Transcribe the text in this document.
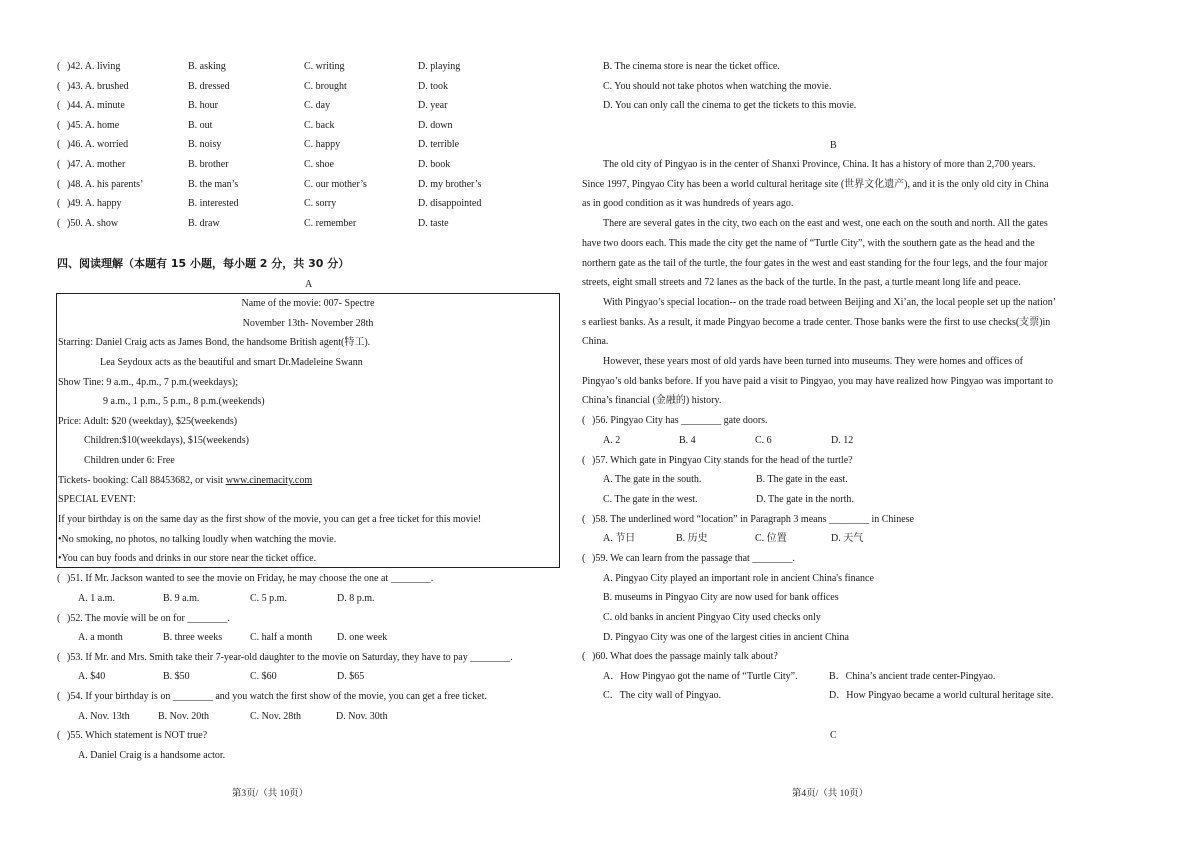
( )42. A. living	B. asking	C. writing	D. playing
( )43. A. brushed	B. dressed	C. brought	D. took
( )44. A. minute	B. hour	C. day	D. year
( )45. A. home	B. out	C. back	D. down
( )46. A. worried	B. noisy	C. happy	D. terrible
( )47. A. mother	B. brother	C. shoe	D. book
( )48. A. his parents’	B. the man’s	C. our mother’s	D. my brother’s
( )49. A. happy	B. interested	C. sorry	D. disappointed
( )50. A. show	B. draw	C. remember	D. taste
四、阅读理解（本题有 15 小题，每小题 2 分，共 30 分）
A
Name of the movie: 007- Spectre
November 13th- November 28th
Starring: Daniel Craig acts as James Bond, the handsome British agent(特工).
Lea Seydoux acts as the beautiful and smart Dr.Madeleine Swann
Show Tine: 9 a.m., 4p.m., 7 p.m.(weekdays);
9 a.m., 1 p.m., 5 p.m., 8 p.m.(weekends)
Price: Adult: $20 (weekday), $25(weekends)
Children:$10(weekdays), $15(weekends)
Children under 6: Free
Tickets- booking: Call 88453682, or visit www.cinemacity.com
SPECIAL EVENT:
If your birthday is on the same day as the first show of the movie, you can get a free ticket for this movie!
•No smoking, no photos, no talking loudly when watching the movie.
•You can buy foods and drinks in our store near the ticket office.
( )51. If Mr. Jackson wanted to see the movie on Friday, he may choose the one at ________.
A. 1 a.m.	B. 9 a.m.	C. 5 p.m.	D. 8 p.m.
( )52. The movie will be on for ________.
A. a month	B. three weeks	C. half a month D. one week
( )53. If Mr. and Mrs. Smith take their 7-year-old daughter to the movie on Saturday, they have to pay ________.
A. $40	B. $50	C. $60	D. $65
( )54. If your birthday is on ________ and you watch the first show of the movie, you can get a free ticket.
A. Nov. 13th	B. Nov. 20th	C. Nov. 28th	D. Nov. 30th
( )55. Which statement is NOT true?
A. Daniel Craig is a handsome actor.
第3页/（共 10页）
B. The cinema store is near the ticket office.
C. You should not take photos when watching the movie.
D. You can only call the cinema to get the tickets to this movie.
B
The old city of Pingyao is in the center of Shanxi Province, China. It has a history of more than 2,700 years.
Since 1997, Pingyao City has been a world cultural heritage site (世界文化遗产), and it is the only old city in China
as in good condition as it was hundreds of years ago.
There are several gates in the city, two each on the east and west, one each on the south and north. All the gates
have two doors each. This made the city get the name of “Turtle City”, with the southern gate as the head and the
northern gate as the tail of the turtle, the four gates in the west and east standing for the four legs, and the four major
streets, eight small streets and 72 lanes as the back of the turtle. In the past, a turtle meant long life and peace.
With Pingyao’s special location-- on the trade road between Beijing and Xi’an, the local people set up the nation’
s earliest banks. As a result, it made Pingyao become a trade center. Those banks were the first to use checks(支票)in
China.
However, these years most of old yards have been turned into museums. They were homes and offices of
Pingyao’s old banks before. If you have paid a visit to Pingyao, you may have realized how Pingyao was important to
China’s financial (金融的) history.
( )56. Pingyao City has ________ gate doors.
A. 2	B. 4	C. 6	D. 12
( )57. Which gate in Pingyao City stands for the head of the turtle?
A. The gate in the south.	B. The gate in the east.
C. The gate in the west.	D. The gate in the north.
( )58. The underlined word “location” in Paragraph 3 means ________ in Chinese
A. 节日	B. 历史	C. 位置	D. 天气
( )59. We can learn from the passage that ________.
A. Pingyao City played an important role in ancient China's finance
B. museums in Pingyao City are now used for bank offices
C. old banks in ancient Pingyao City used checks only
D. Pingyao City was one of the largest cities in ancient China
( )60. What does the passage mainly talk about?
A．How Pingyao got the name of “Turtle City”.	B．China’s ancient trade center-Pingyao.
C．The city wall of Pingyao.	D．How Pingyao became a world cultural heritage site.
C
第4页/（共 10页）
